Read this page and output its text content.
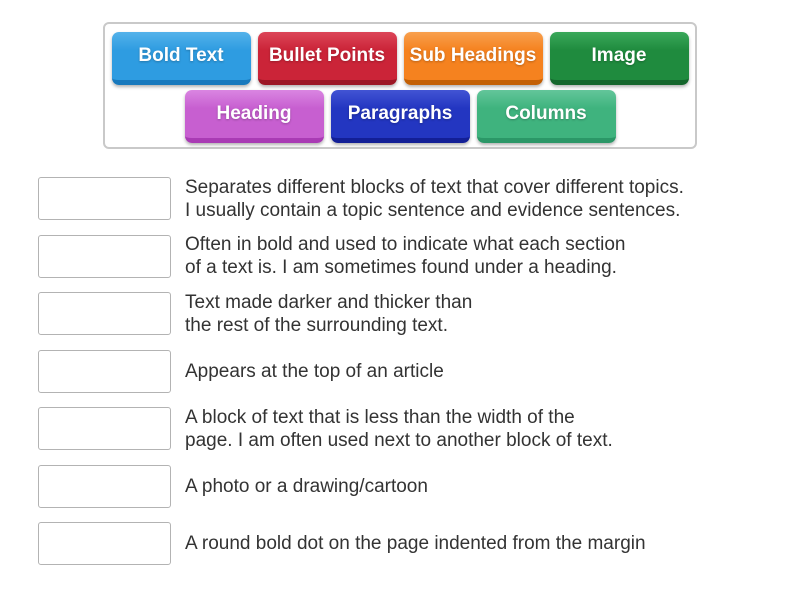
Bold Text	Bullet Points	Sub Headings	Image
Heading	Paragraphs	Columns
Separates different blocks of text that cover different topics.
I usually contain a topic sentence and evidence sentences.
Often in bold and used to indicate what each section
of a text is. I am sometimes found under a heading.
Text made darker and thicker than
the rest of the surrounding text.
Appears at the top of an article
A block of text that is less than the width of the
page. I am often used next to another block of text.
A photo or a drawing/cartoon
A round bold dot on the page indented from the margin
